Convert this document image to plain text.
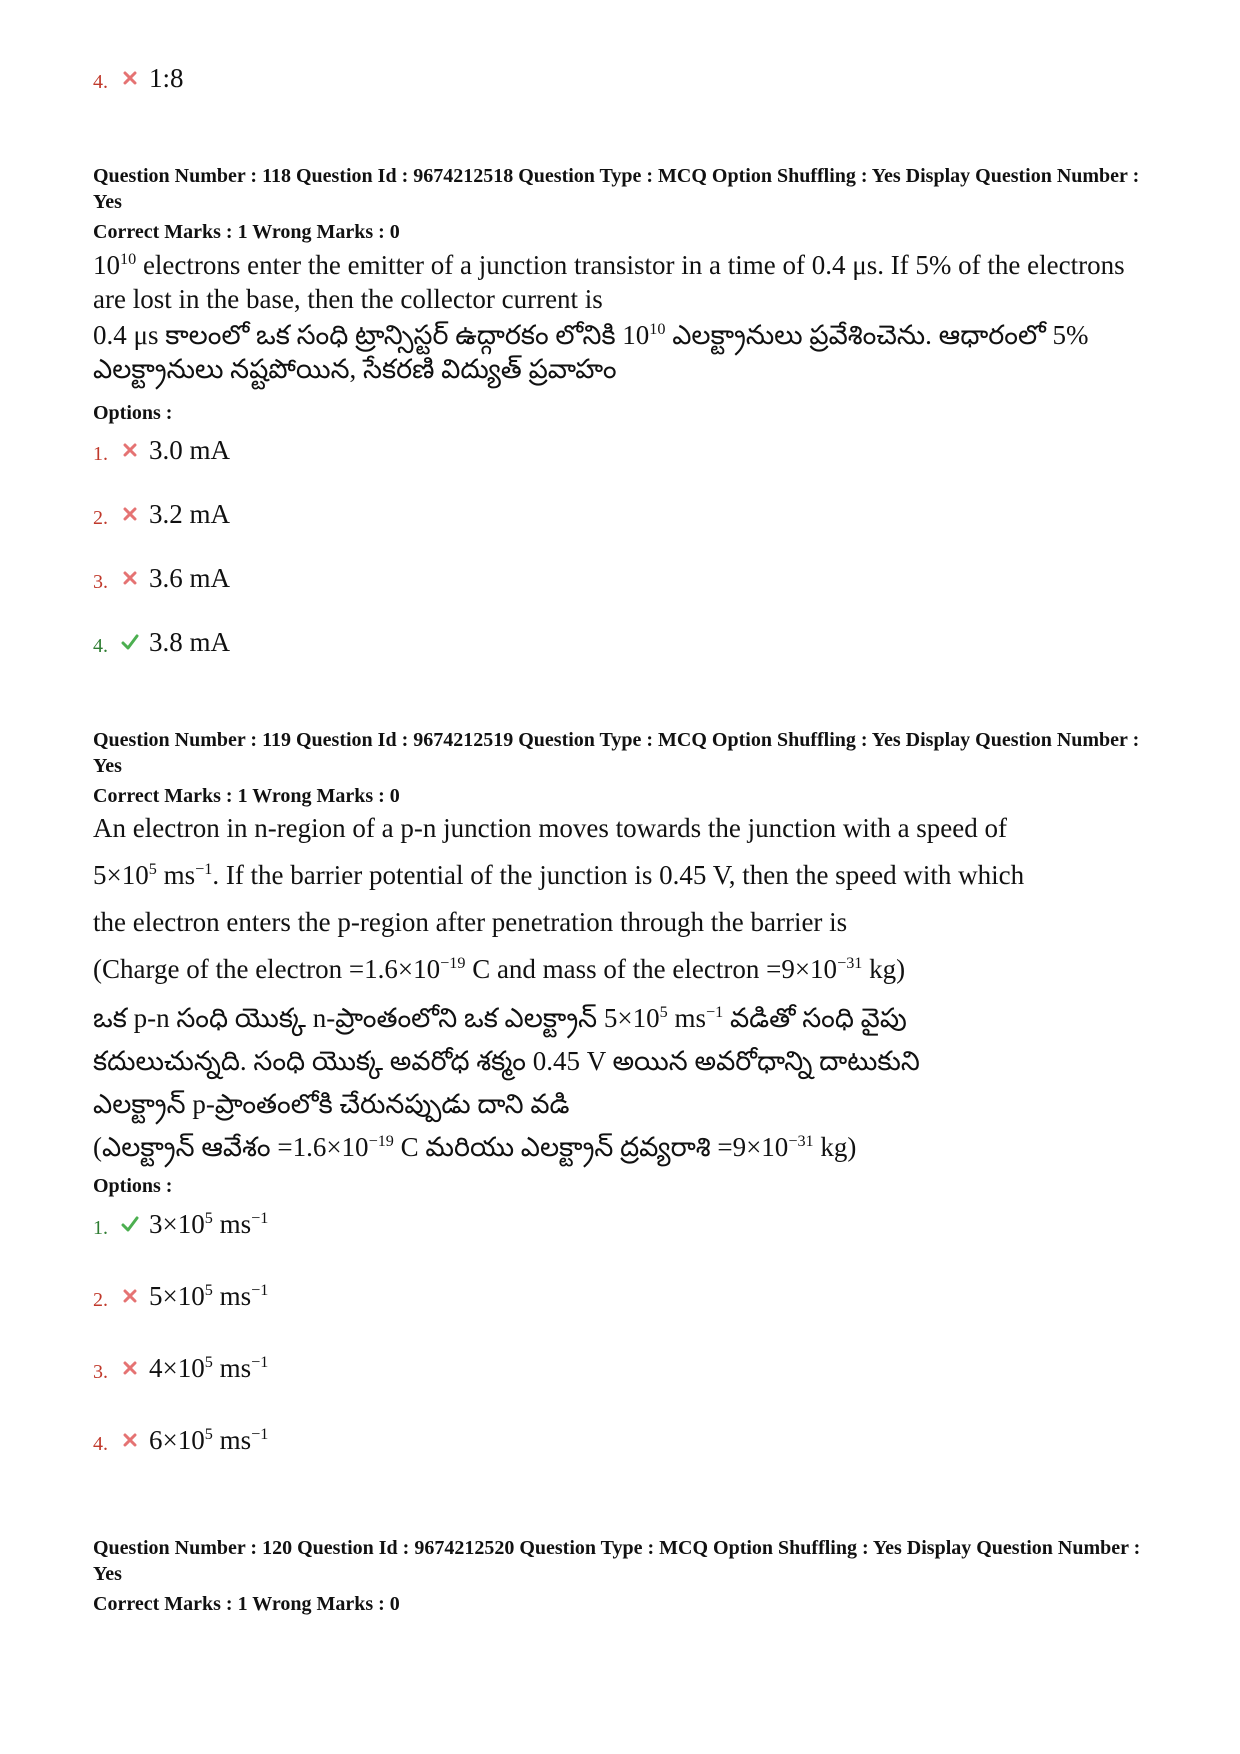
4.	1:8

Question Number : 118 Question Id : 9674212518 Question Type : MCQ Option Shuffling : Yes Display Question Number : Yes

Correct Marks : 1 Wrong Marks : 0

$10^{10}$ electrons enter the emitter of a junction transistor in a time of 0.4 μs. If 5% of the electrons are lost in the base, then the collector current is

0.4 μs కాలంలో ఒక సంధి ట్రాన్సిస్టర్ ఉద్గారకం లోనికి $10^{10}$ ఎలక్ట్రానులు ప్రవేశించెను. ఆధారంలో 5% ఎలక్ట్రానులు నష్టపోయిన, సేకరణి విద్యుత్ ప్రవాహం

Options :
1.	3.0 mA
2.	3.2 mA
3.	3.6 mA
4.	3.8 mA

Question Number : 119 Question Id : 9674212519 Question Type : MCQ Option Shuffling : Yes Display Question Number : Yes

Correct Marks : 1 Wrong Marks : 0

An electron in n-region of a p-n junction moves towards the junction with a speed of
$5\times 10^5$ $ms^{-1}$. If the barrier potential of the junction is 0.45 V, then the speed with which
the electron enters the p-region after penetration through the barrier is
(Charge of the electron $=1.6\times 10^{-19}$ C and mass of the electron $=9\times 10^{-31}$ kg)

ఒక p-n సంధి యొక్క n-ప్రాంతంలోని ఒక ఎలక్ట్రాన్ $5\times 10^5$ $ms^{-1}$ వడితో సంధి వైపు
కదులుచున్నది. సంధి యొక్క అవరోధ శక్మం 0.45 V అయిన అవరోధాన్ని దాటుకుని
ఎలక్ట్రాన్ p-ప్రాంతంలోకి చేరునప్పుడు దాని వడి
(ఎలక్ట్రాన్ ఆవేశం $=1.6\times 10^{-19}$ C మరియు ఎలక్ట్రాన్ ద్రవ్యరాశి $=9\times 10^{-31}$ kg)

Options :
1.	$3\times 10^5$ $ms^{-1}$
2.	$5\times 10^5$ $ms^{-1}$
3.	$4\times 10^5$ $ms^{-1}$
4.	$6\times 10^5$ $ms^{-1}$

Question Number : 120 Question Id : 9674212520 Question Type : MCQ Option Shuffling : Yes Display Question Number : Yes

Correct Marks : 1 Wrong Marks : 0
